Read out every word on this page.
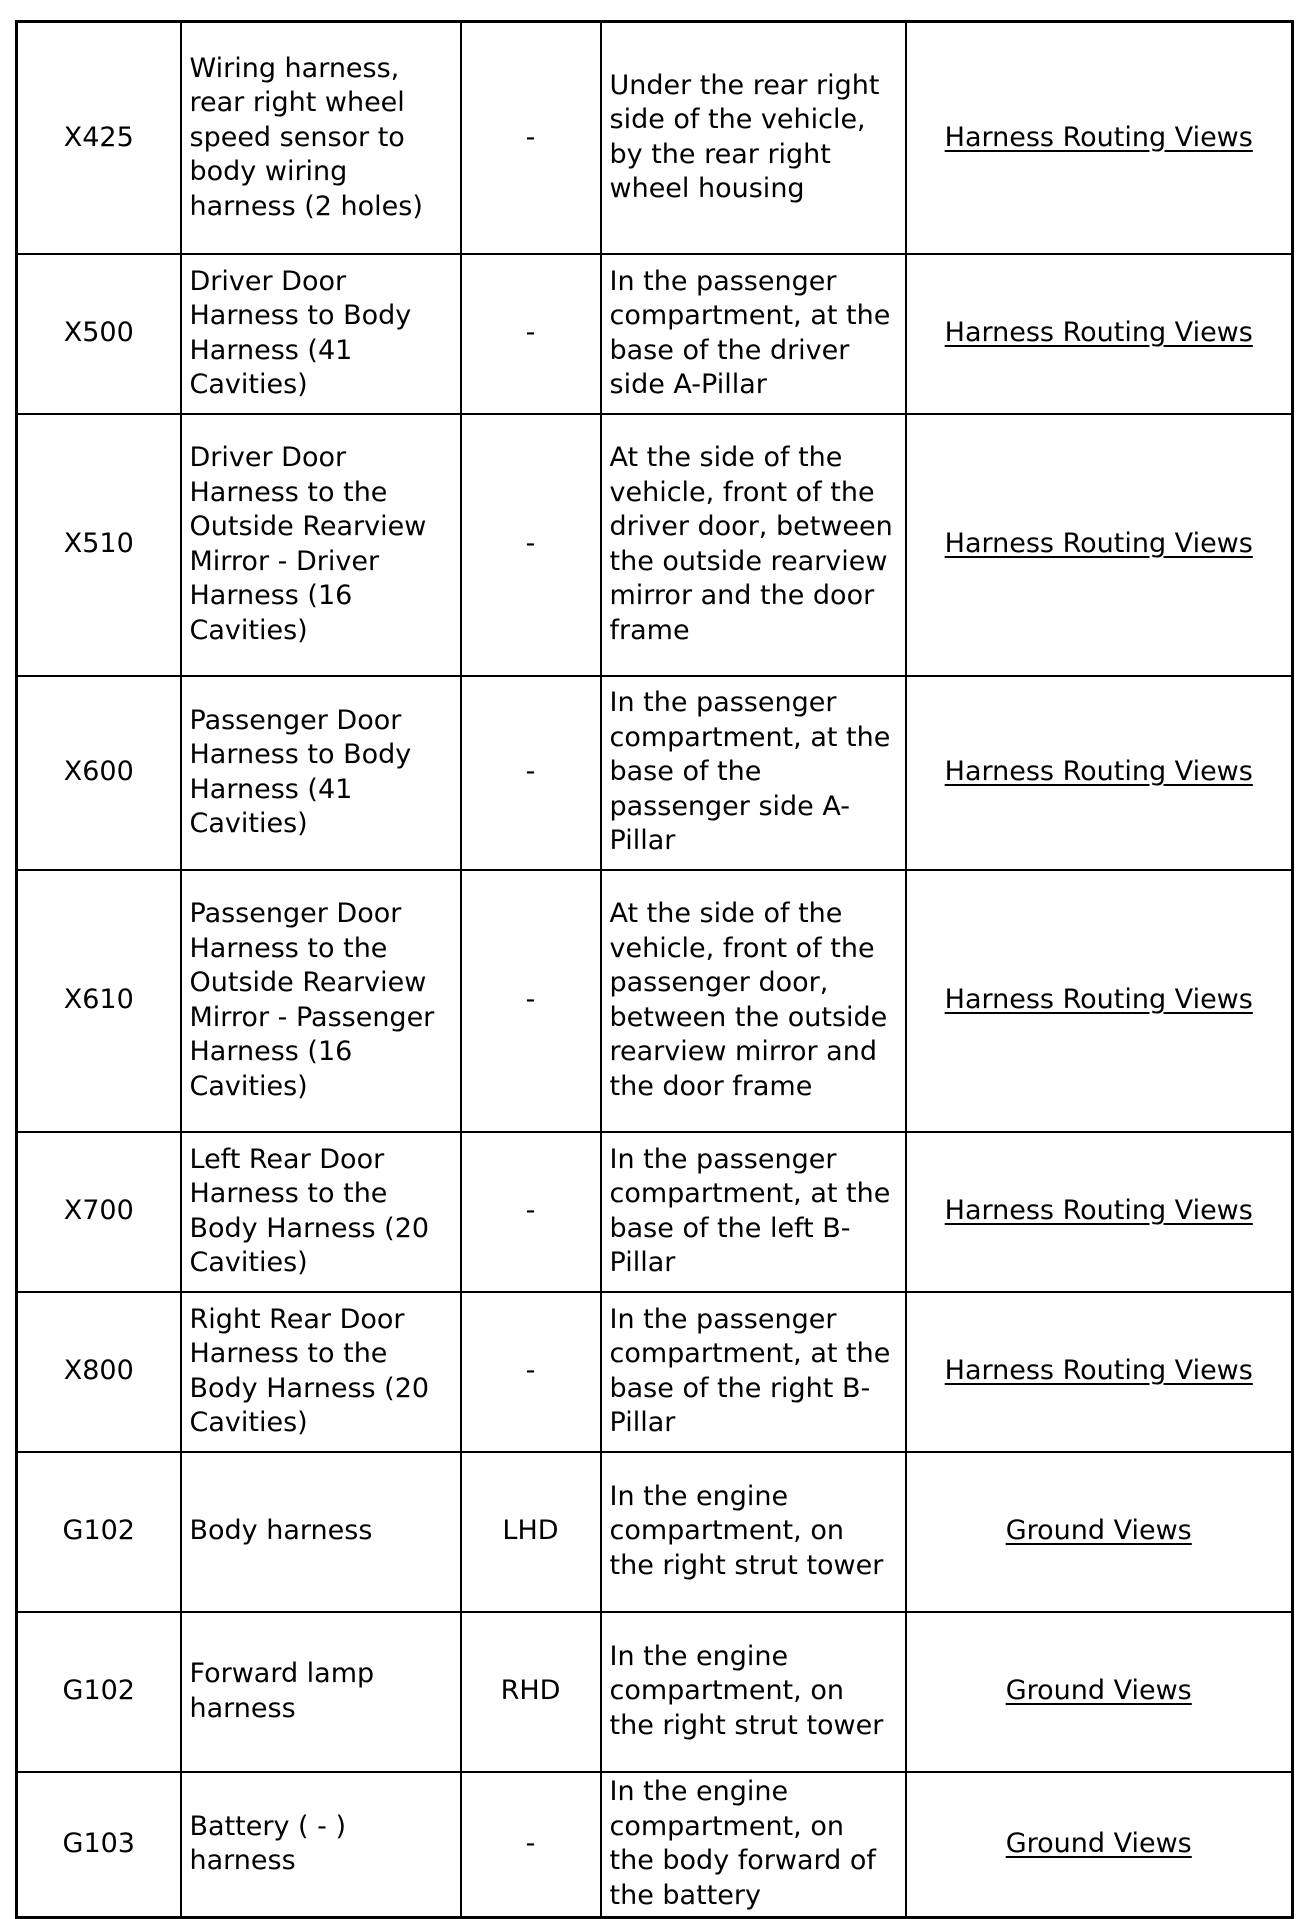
X425	Wiring harness, rear right wheel speed sensor to body wiring harness (2 holes)	-	Under the rear right side of the vehicle, by the rear right wheel housing	Harness Routing Views
X500	Driver Door Harness to Body Harness (41 Cavities)	-	In the passenger compartment, at the base of the driver side A-Pillar	Harness Routing Views
X510	Driver Door Harness to the Outside Rearview Mirror - Driver Harness (16 Cavities)	-	At the side of the vehicle, front of the driver door, between the outside rearview mirror and the door frame	Harness Routing Views
X600	Passenger Door Harness to Body Harness (41 Cavities)	-	In the passenger compartment, at the base of the passenger side A-Pillar	Harness Routing Views
X610	Passenger Door Harness to the Outside Rearview Mirror - Passenger Harness (16 Cavities)	-	At the side of the vehicle, front of the passenger door, between the outside rearview mirror and the door frame	Harness Routing Views
X700	Left Rear Door Harness to the Body Harness (20 Cavities)	-	In the passenger compartment, at the base of the left B-Pillar	Harness Routing Views
X800	Right Rear Door Harness to the Body Harness (20 Cavities)	-	In the passenger compartment, at the base of the right B-Pillar	Harness Routing Views
G102	Body harness	LHD	In the engine compartment, on the right strut tower	Ground Views
G102	Forward lamp harness	RHD	In the engine compartment, on the right strut tower	Ground Views
G103	Battery ( - ) harness	-	In the engine compartment, on the body forward of the battery	Ground Views
